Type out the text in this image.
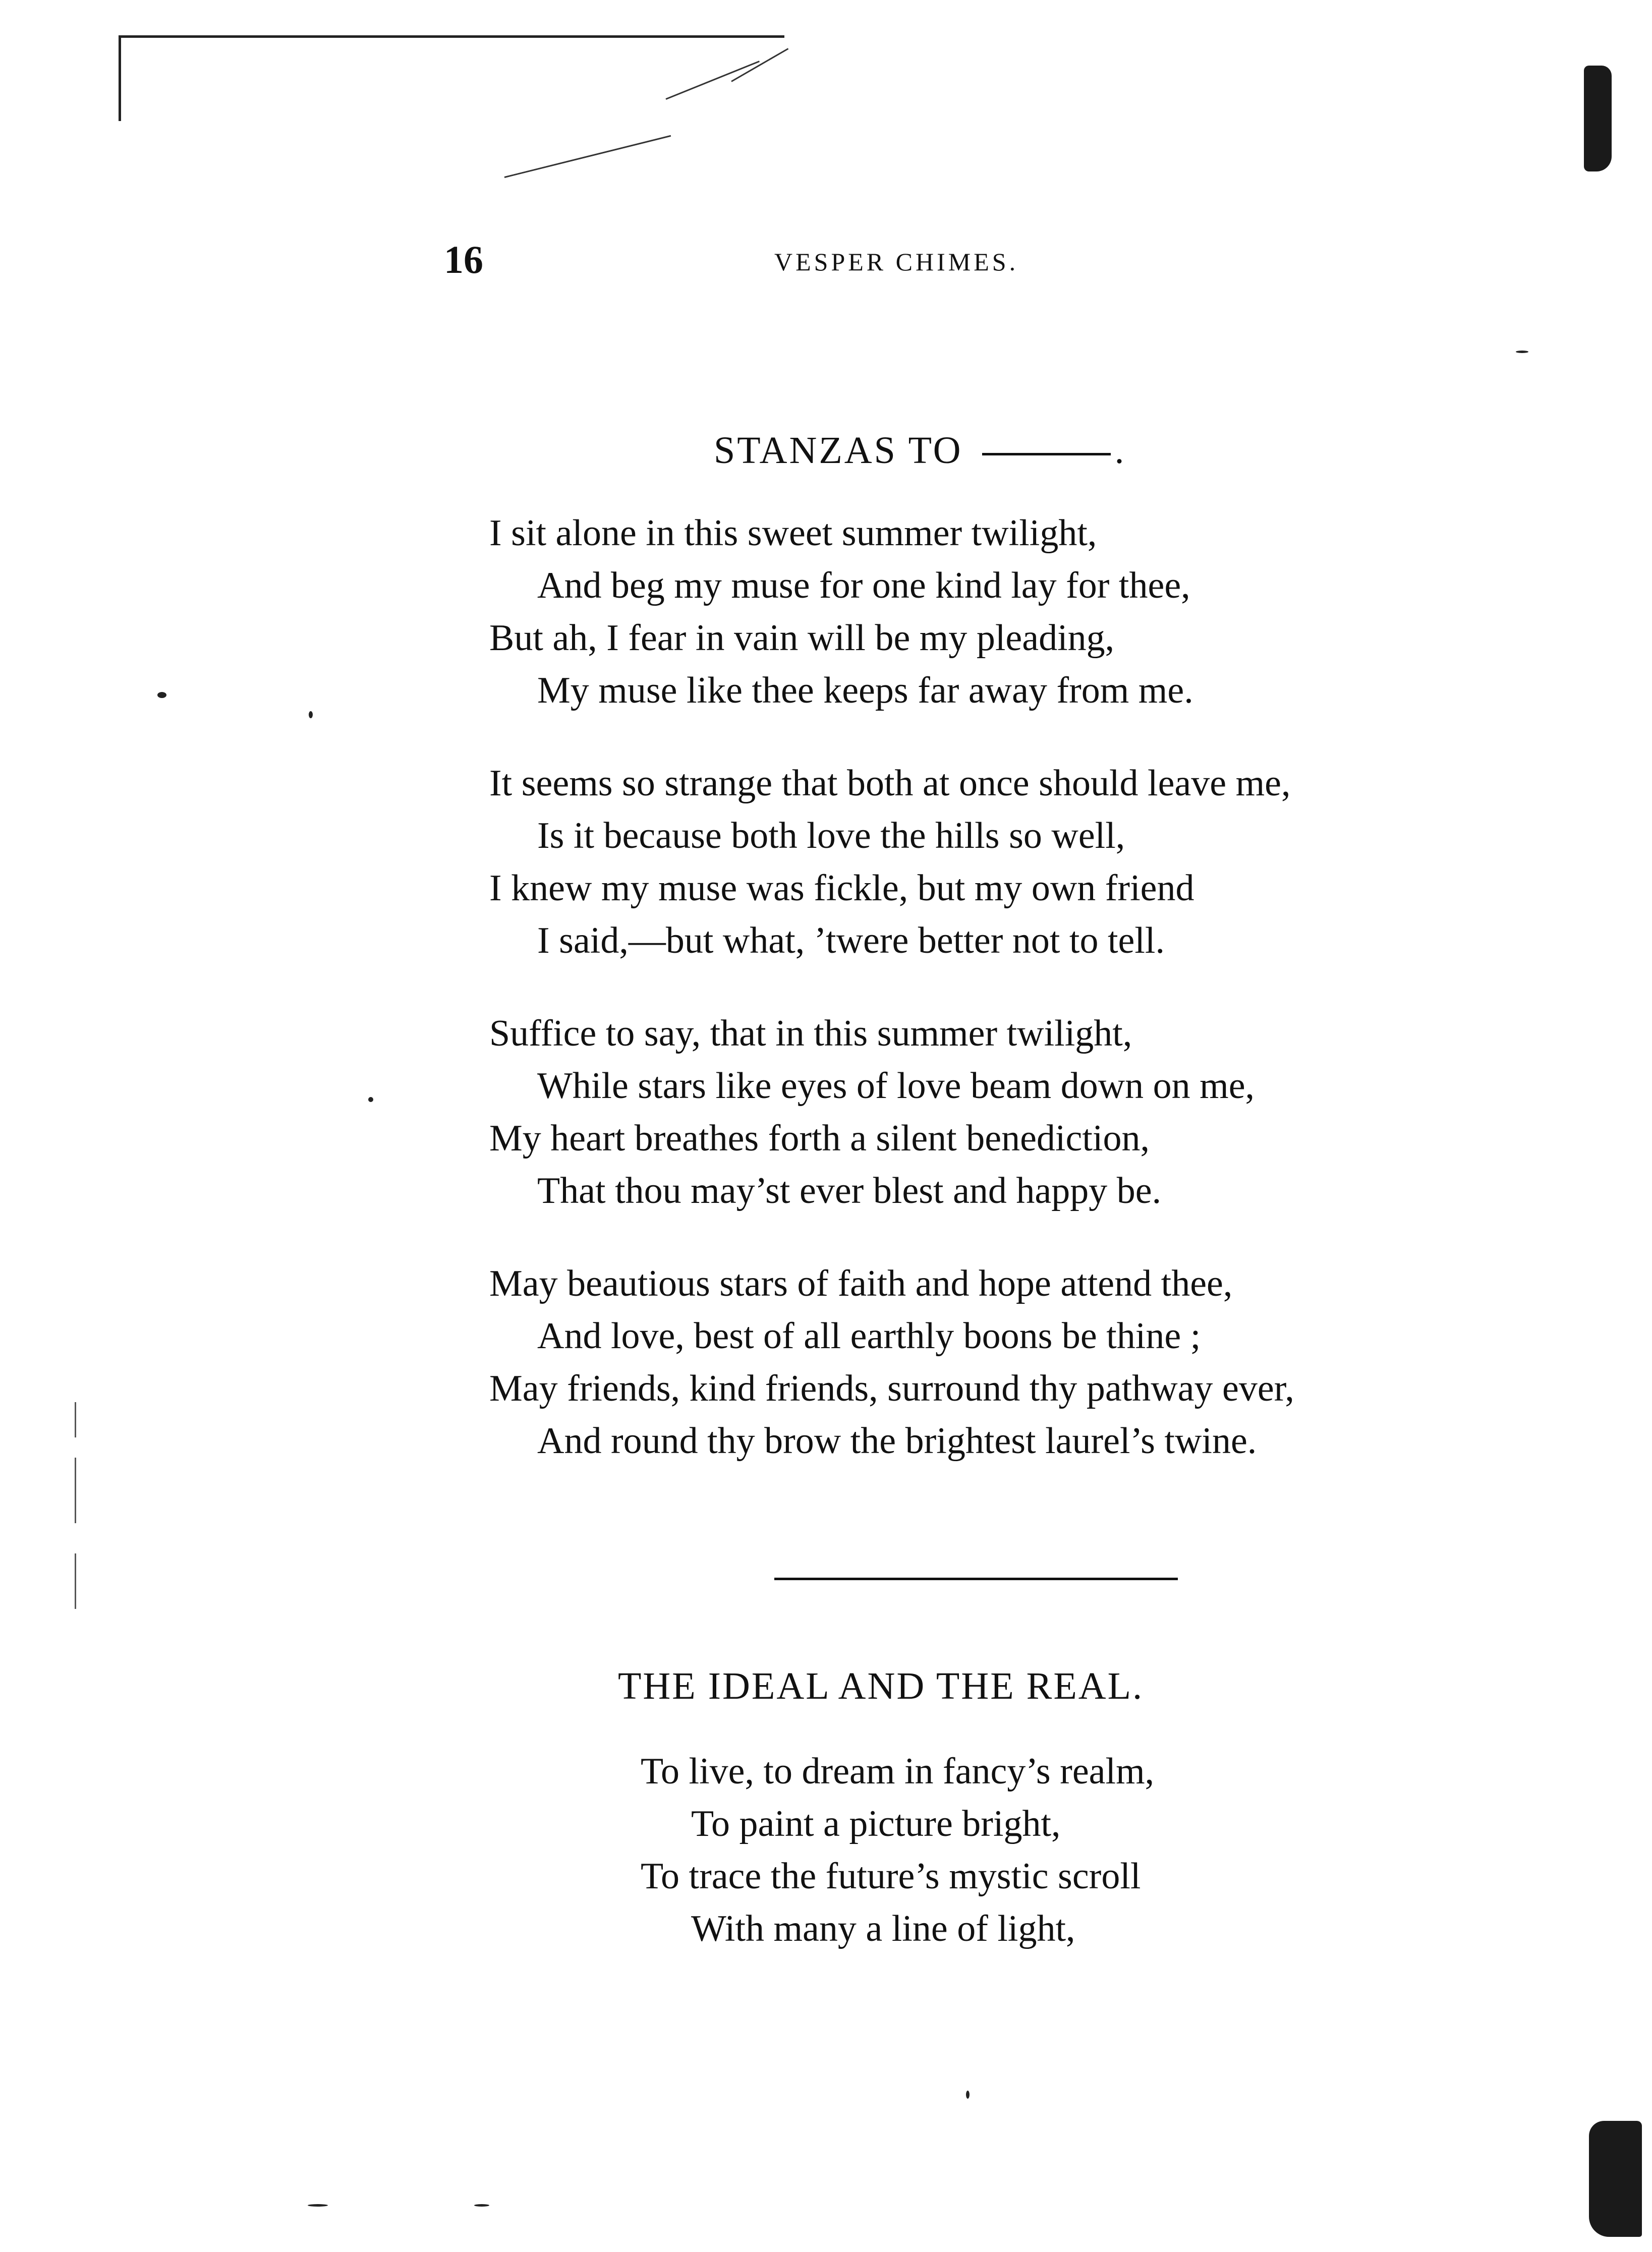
16	VESPER CHIMES.
STANZAS TO	.
I sit alone in this sweet summer twilight,
And beg my muse for one kind lay for thee,
But ah, I fear in vain will be my pleading,
My muse like thee keeps far away from me.
It seems so strange that both at once should leave me,
Is it because both love the hills so well,
I knew my muse was fickle, but my own friend
I said,—but what, ’twere better not to tell.
Suffice to say, that in this summer twilight,
While stars like eyes of love beam down on me,
My heart breathes forth a silent benediction,
That thou may’st ever blest and happy be.
May beautious stars of faith and hope attend thee,
And love, best of all earthly boons be thine ;
May friends, kind friends, surround thy pathway ever,
And round thy brow the brightest laurel’s twine.
THE IDEAL AND THE REAL.
To live, to dream in fancy’s realm,
To paint a picture bright,
To trace the future’s mystic scroll
With many a line of light,
